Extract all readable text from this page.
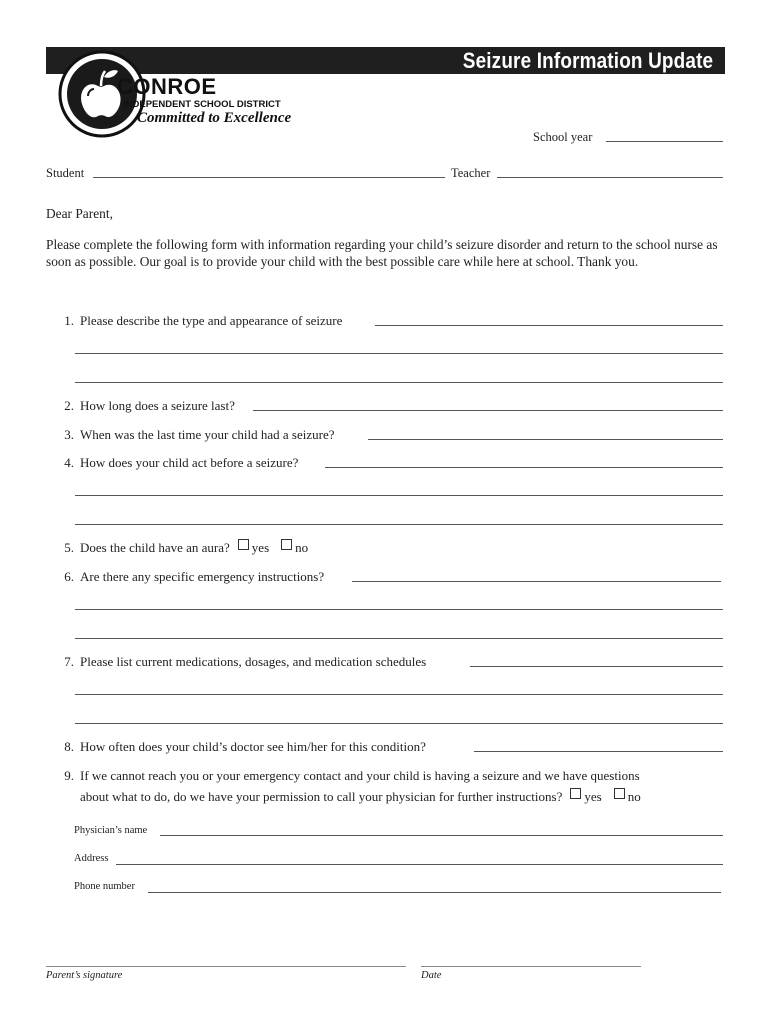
Seizure Information Update
CONROE
INDEPENDENT SCHOOL DISTRICT
Committed to Excellence
School year
Student	Teacher
Dear Parent,
Please complete the following form with information regarding your child’s seizure disorder and return to the school nurse as soon as possible. Our goal is to provide your child with the best possible care while here at school. Thank you.
1. Please describe the type and appearance of seizure
2. How long does a seizure last?
3. When was the last time your child had a seizure?
4. How does your child act before a seizure?
5. Does the child have an aura? yes no
6. Are there any specific emergency instructions?
7. Please list current medications, dosages, and medication schedules
8. How often does your child’s doctor see him/her for this condition?
9. If we cannot reach you or your emergency contact and your child is having a seizure and we have questions
about what to do, do we have your permission to call your physician for further instructions? yes no
Physician’s name
Address
Phone number
Parent’s signature	Date
